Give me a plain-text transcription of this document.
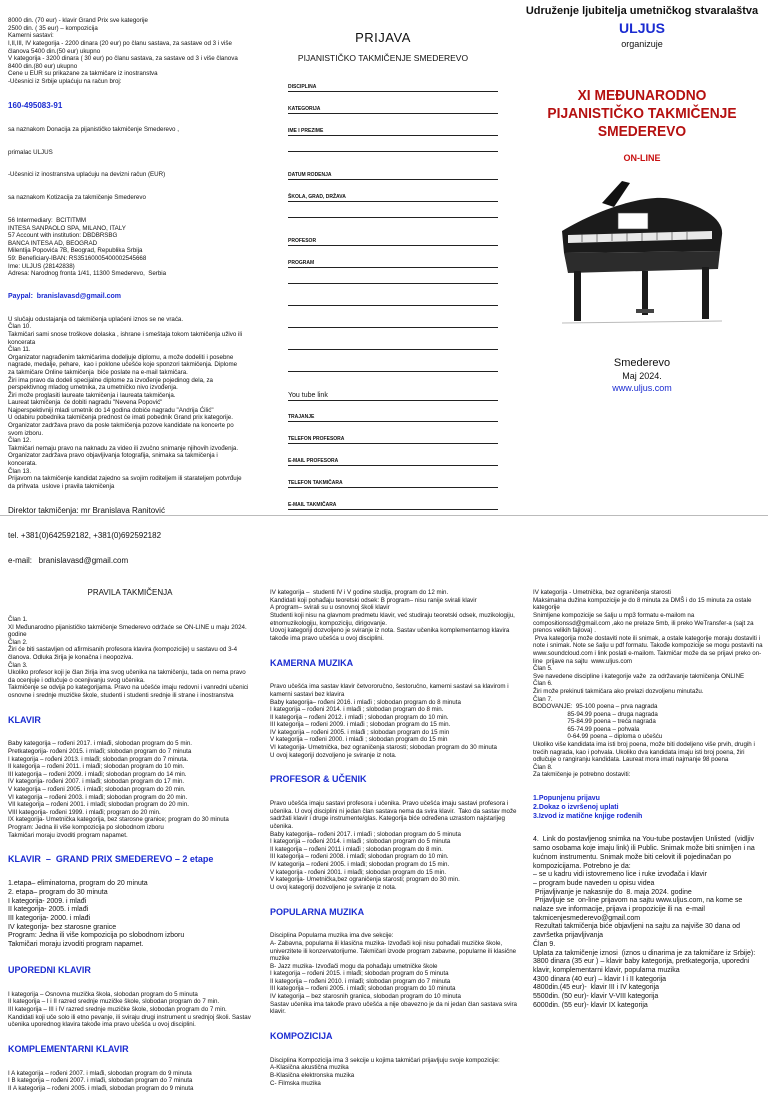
8000 din. (70 eur) - klavir Grand Prix sve kategorije
2500 din. ( 35 eur) – kompozicija
Kamerni sastavi:
I,II,III, IV kategorija - 2200 dinara (20 eur) po članu sastava, za sastave od 3 i više članova 5400 din.(50 eur) ukupno
V kategorija - 3200 dinara ( 30 eur) po članu sastava, za sastave od 3 i više članova 8400 din.(80 eur) ukupno
Cene u EUR su prikazane za takmičare iz inostranstva
-Učesnici iz Srbije uplaćuju na račun broj:

160-495083-91

sa naznakom Donacija za pijanističko takmičenje Smederevo ,

primalac ULJUS

-Učesnici iz inostranstva uplaćuju na devizni račun (EUR)

sa naznakom Kotizacija za takmičenje Smederevo

56 Intermediary:  BCITITMM
INTESA SANPAOLO SPA, MILANO, ITALY
57 Account with institution: DBDBRSBG
BANCA INTESA AD, BEOGRAD
Milentija Popovića 7B, Beograd, Republika Srbija
59: Beneficiary-IBAN: RS35160005400002545668
Ime: ULJUS (28142838)
Adresa: Narodnog fronta 1/41, 11300 Smederevo,  Serbia

Paypal:  branislavasd@gmail.com

U slučaju odustajanja od takmičenja uplaćeni iznos se ne vraća.
Član 10.
Takmičari sami snose troškove dolaska , ishrane i smeštaja tokom takmičenja uživo ili koncerata
Član 11.
Organizator nagrađenim takmičarima dodeljuje diplomu, a može dodeliti i posebne nagrade, medalje, pehare,  kao i poklone učešće koje sponzori takmičenja. Diplome za takmičare Online takmičenja  biće poslate na e-mail takmičara.
Žiri ima pravo da dodeli specijalne diplome za izvođenje pojedinog dela, za perspektivnog mladog umetnika, za umetničko nivo izvođenja.
Žiri može proglasiti laureate takmičenja i laureata takmičenja.
Laureat takmičenja  će dobiti nagradu "Nevena Popović"
Najperspektivniji mladi umetnik do 14 godina dobiće nagradu "Andrija Ćilić"
U odabiru pobednika takmičenja prednost će imati pobednik Grand prix kategorije.
Organizator zadržava pravo da posle takmičenja pozove kandidate na koncerte po svom izboru.
Član 12.
Takmičari nemaju pravo na naknadu za video ili zvučno snimanje njihovih izvođenja. Organizator zadržava pravo objavljivanja fotografija, snimaka sa takmičenja i koncerata.
Član 13.
Prijavom na takmičenje kandidat zajedno sa svojim roditeljem ili starateljem potvrđuje da prihvata  uslove i pravila takmičenja

Direktor takmičenja: mr Branislava Ranitović

tel. +381(0)642592182, +381(0)692592182

e-mail:   branislavasd@gmail.com

PRIJAVA
PIJANISTIČKO TAKMIČENJE SMEDEREVO
DISCIPLINA
KATEGORIJA
IME I PREZIME
DATUM RODENJA
ŠKOLA, GRAD, DRŽAVA
PROFESOR
PROGRAM
You tube link
TRAJANJE
TELEFON PROFESORA
E-MAIL PROFESORA
TELEFON TAKMIČARA
E-MAIL TAKMIČARA
Udruženje ljubitelja umetničkog stvaralaštva
ULJUS
organizuje
XI MEĐUNARODNO
PIJANISTIČKO TAKMIČENJE
SMEDEREVO
ON-LINE
Smederevo
Maj 2024.
www.uljus.com

PRAVILA TAKMIČENJA

Član 1.
XI Međunarodno pijanističko takmičenje Smederevo održaće se ON-LINE u maju 2024. godine
Član 2.
Žiri će biti sastavljen od afirmisanih profesora klavira (kompozicije) u sastavu od 3-4 članova. Odluka žirija je konačna i neopoziva.
Član 3.
Ukoliko profesor koji je član žirija ima svog učenika na takmičenju, tada on nema pravo da ocenjuje i odlučuje o ocenjivanju svog učenika.
Takmičenje se odvija po kategorijama. Pravo na učešće imaju redovni i vanredni učenici osnovne i srednje muzičke škole, studenti i studenti srednje ili strane i inostranstva

KLAVIR

Baby kategorija – rođeni 2017. i mlađi, slobodan program do 5 min.
Pretkategorija- rođeni 2015. i mlađi; slobodan program do 7 minuta
I kategorija – rođeni 2013. i mlađi; slobodan program do 7 minuta.
II kategorija – rođeni 2011. i mlađi; slobodan program do 10 min.
III kategorija – rođeni 2009. i mlađi; slobodan program do 14 min.
IV kategorija- rođeni 2007. i mlađi; slobodan program do 17 min.
V kategorija – rođeni 2005. i mlađi; slobodan program do 20 min.
VI kategorija – rođeni 2003. i mlađi; slobodan program do 20 min.
VII kategorija – rođeni 2001. i mlađi; slobodan program do 20 min.
VIII kategorija- rođeni 1999. i mlađi; program do 20 min.
IX kategorija- Umetnička kategorija, bez starosne granice; program do 30 minuta
Program: Jedna ili više kompozicija po slobodnom izboru
Takmičari moraju izvoditi program napamet.

KLAVIR  –  GRAND PRIX SMEDEREVO – 2 etape

1.etapa– eliminatorna, program do 20 minuta
2. etapa– program do 30 minuta
I kategorija- 2009. i mlađi
II kategorija- 2005. i mlađi
III kategorija- 2000. i mlađi
IV kategorija- bez starosne granice
Program: Jedna ili više kompozicija po slobodnom izboru
Takmičari moraju izvoditi program napamet.

UPOREDNI KLAVIR

I kategorija – Osnovna muzička škola, slobodan program do 5 minuta
II kategorija – I i II razred srednje muzičke škole, slobodan program do 7 min.
III kategorija – III i IV razred srednje muzičke škole, slobodan program do 7 min.
Kandidati koji uče solo ili etno pevanje, ili sviraju drugi instrument u srednjoj školi. Sastav učenika uporednog klavira takođe ima pravo učešća u ovoj disciplini.

KOMPLEMENTARNI KLAVIR

I A kategorija – rođeni 2007. i mlađi, slobodan program do 9 minuta
I B kategorija – rođeni 2007. i mlađi, slobodan program do 7 minuta
II A kategorija – rođeni 2005. i mlađi, slobodan program do 9 minuta

IV kategorija –  studenti IV i V godine studija, program do 12 min.
Kandidati koji pohađaju teoretski odsek: B program– nisu ranije svirali klavir
A program– svirali su u osnovnoj školi klavir
Studenti koji nisu na glavnom predmetu klavir, već studiraju teoretski odsek, muzikologiju, etnomuzikologiju, kompoziciju, dirigovanje.
Uovoj kategoriji dozvoljeno je sviranje iz nota. Sastav učenika komplementarnog klavira takođe ima pravo učešća u ovoj disciplini.

KAMERNA MUZIKA

Pravo učešća ima sastav klavir četvororučno, šestoručno, kamerni sastavi sa klavirom i kamerni sastavi bez klavira
Baby kategorija– rođeni 2016. i mlađi ; slobodan program do 8 minuta
I kategorija – rođeni 2014. i mlađi ; slobodan program do 8 min.
II kategorija – rođeni 2012. i mlađi ; slobodan program do 10 min.
III kategorija – rođeni 2009. i mlađi ; slobodan program do 15 min.
IV kategorija – rođeni 2005. i mlađi ; slobodan program do 15 min
V kategorija – rođeni 2000. i mlađi ; slobodan program do 15 min
VI kategorija- Umetnička, bez ograničenja starosti; slobodan program do 30 minuta
U ovoj kategoriji dozvoljeno je sviranje iz nota.

PROFESOR & UČENIK

Pravo učešća imaju sastavi profesora i učenika. Pravo učešća imaju sastavi profesora i učenika. U ovoj disciplini ni jedan član sastava nema da svira klavir.  Tako da sastav može sadržati klavir i druge instrumente/glas. Kategorija biće određena uzrastom najstarijeg učenika.
Baby kategorija– rođeni 2017. i mlađi ; slobodan program do 5 minuta
I kategorija – rođeni 2014. i mlađi ; slobodan program do 5 minuta
II kategorija – rođeni 2011 i mlađi ; slobodan program do 8 min.
III kategorija – rođeni 2008. i mlađi; slobodan program do 10 min.
IV kategorija – rođeni 2005. i mlađi; slobodan program do 15 min.
V kategorija - rođeni 2001. i mlađi; slobodan program do 15 min.
V kategorija- Umetnička,bez ograničenja starosti; program do 30 min.
U ovoj kategoriji dozvoljeno je sviranje iz nota.

POPULARNA MUZIKA

Disciplina Popularna muzika ima dve sekcije:
A- Zabavna, popularna ili klasična muzika- Izvođači koji nisu pohađali muzičke škole, univerzitete ili konzervatorijume. Takmičari izvode program zabavne, popularne ili klasične muzike
B- Jazz muzika- Izvođači mogu da pohađaju umetničke škole
I kategorija – rođeni 2015. i mlađi; slobodan program do 5 minuta
II kategorija – rođeni 2010. i mlađi; slobodan program do 7 minuta
III kategorija – rođeni 2005. i mlađi; slobodan program do 10 minuta
IV kategorija – bez starosnih granica, slobodan program do 10 minuta
Sastav učenika ima takođe pravo učešća a nije obavezno je da ni jedan član sastava svira klavir.

KOMPOZICIJA

Disciplina Kompozicija ima 3 sekcije u kojima takmičari prijavljuju svoje kompozicije:
A-Klasična akustična muzika
B-Klasična elektronska muzika
C- Filmska muzika

IV kategorija - Umetnička, bez ograničenja starosti
Maksimalna dužina kompozicije je do 8 minuta za DMŠ i do 15 minuta za ostale kategorije
Snimljene kompozicije se šalju u mp3 formatu e-mailom na compositionssd@gmail.com ,ako ne prelaze 5mb, ili preko WeTransfer-a (sajt za prenos velikih fajlova) .
Prva kategorija može dostaviti note ili snimak, a ostale kategorije moraju dostaviti i note i snimak. Note se šalju u pdf formatu. Takođe kompozicije se mogu postaviti na www.soundcloud.com i link poslati e-mailom. Takmičar može da se prijavi preko on-line  prijave na sajtu  www.uljus.com
Član 5.
Sve navedene discipline i kategorije važe  za održavanje takmičenja ONLINE
Član 6.
Žiri može prekinuti takmičara ako prelazi dozvoljenu minutažu.
Član 7.
BODOVANJE:  95-100 poena – prva nagrada
85-94.99 poena – druga nagrada
75-84.99 poena – treća nagrada
65-74.99 poena – pohvala
0-64.99 poena – diploma o učešću
Ukoliko više kandidata ima isti broj poena, može biti dodeljeno više prvih, drugih i trećih nagrada, kao i pohvala. Ukoliko dva kandidata imaju isti broj poena, žiri odlučuje o rangiranju kandidata. Laureat mora imati najmanje 98 poena
Član 8.
Za takmičenje je potrebno dostaviti:

1.Popunjenu prijavu
2.Dokaz o izvršenoj uplati
3.Izvod iz matične knjige rođenih

4.  Link do postavljenog snimka na You-tube postavljen Unlisted  (vidljiv samo osobama koje imaju link) ili Public. Snimak može biti snimljen i na kućnom instrumentu. Snimak može biti celovit ili pojedinačan po kompozicijama. Potrebno je da:
– se u kadru vidi istovremeno lice i ruke izvođača i klavir
– program bude naveden u opisu videa
Prijavljivanje je nakasnije do  8. maja 2024. godine
Prijavljuje se  on-line prijavom na sajtu www.uljus.com, na kome se nalaze sve informacije, prijava i propozicije ili na  e-mail  takmicenjesmederevo@gmail.com
Rezultati takmičenja biće objavljeni na sajtu za najviše 30 dana od završetka prijavljivanja
Član 9.
Uplata za takmičenje iznosi  (iznos u dinarima je za takmičare iz Srbije):
3800 dinara (35 eur ) – klavir baby kategorija, pretkategorija, uporedni klavir, komplementarni klavir, popularna muzika
4300 dinara (40 eur) – klavir I i II kategorija
4800din.(45 eur)-  klavir III i IV kategorija
5500din. (50 eur)- klavir V-VIII kategorija
6000din. (55 eur)- klavir IX kategorija
